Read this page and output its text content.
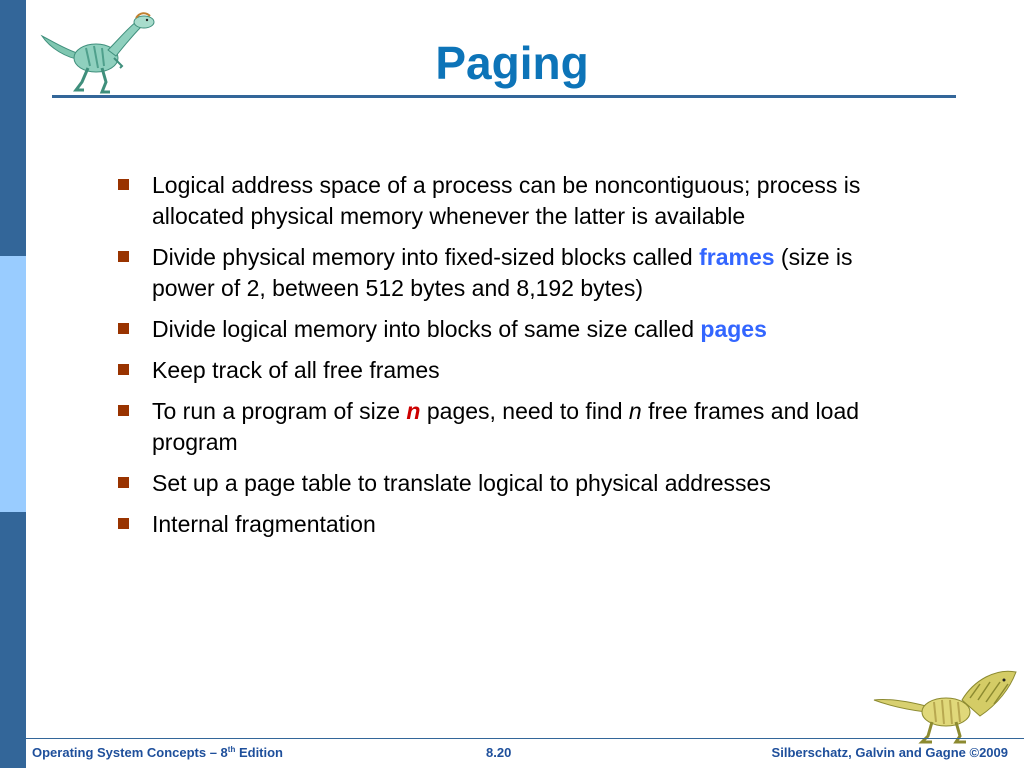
Paging
Logical address space of a process can be noncontiguous; process is allocated physical memory whenever the latter is available
Divide physical memory into fixed-sized blocks called frames (size is power of 2, between 512 bytes and 8,192 bytes)
Divide logical memory into blocks of same size called pages
Keep track of all free frames
To run a program of size n pages, need to find n free frames and load program
Set up a page table to translate logical to physical addresses
Internal fragmentation
Operating System Concepts – 8th Edition	8.20	Silberschatz, Galvin and Gagne ©2009
